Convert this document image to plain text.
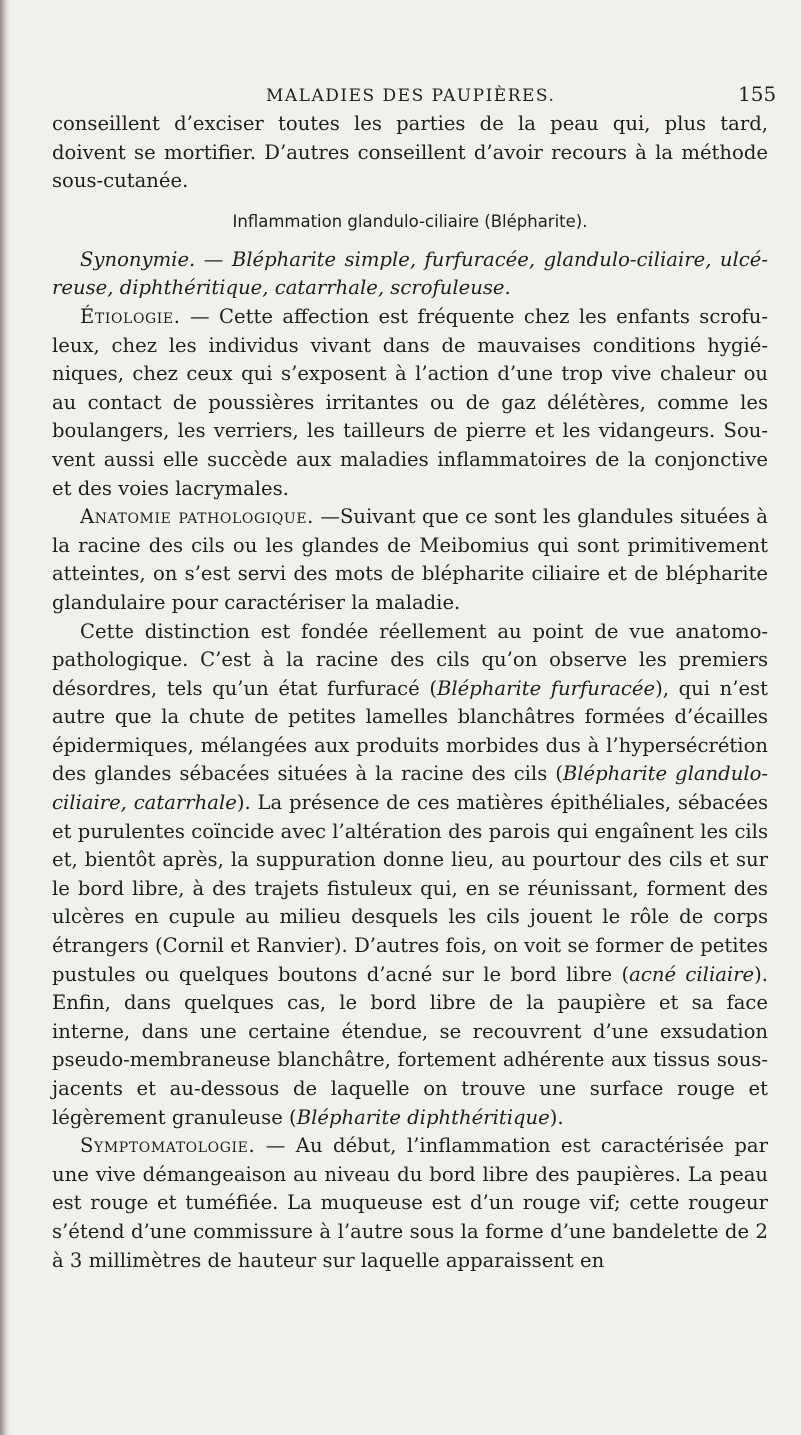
MALADIES DES PAUPIÈRES.	155

conseillent d’exciser toutes les parties de la peau qui, plus tard, doivent se mortifier. D’autres conseillent d’avoir recours à la méthode sous-cutanée.

Inflammation glandulo-ciliaire (Blépharite).

Synonymie. — Blépharite simple, furfuracée, glandulo-ciliaire, ulcéreuse, diphthéritique, catarrhale, scrofuleuse.

Étiologie. — Cette affection est fréquente chez les enfants scrofuleux, chez les individus vivant dans de mauvaises conditions hygiéniques, chez ceux qui s’exposent à l’action d’une trop vive chaleur ou au contact de poussières irritantes ou de gaz délétères, comme les boulangers, les verriers, les tailleurs de pierre et les vidangeurs. Souvent aussi elle succède aux maladies inflammatoires de la conjonctive et des voies lacrymales.

Anatomie pathologique. —Suivant que ce sont les glandules situées à la racine des cils ou les glandes de Meibomius qui sont primitivement atteintes, on s’est servi des mots de blépharite ciliaire et de blépharite glandulaire pour caractériser la maladie.

Cette distinction est fondée réellement au point de vue anatomo-pathologique. C’est à la racine des cils qu’on observe les premiers désordres, tels qu’un état furfuracé (Blépharite furfuracée), qui n’est autre que la chute de petites lamelles blanchâtres formées d’écailles épidermiques, mélangées aux produits morbides dus à l’hypersécrétion des glandes sébacées situées à la racine des cils (Blépharite glandulo-ciliaire, catarrhale). La présence de ces matières épithéliales, sébacées et purulentes coïncide avec l’altération des parois qui engaînent les cils et, bientôt après, la suppuration donne lieu, au pourtour des cils et sur le bord libre, à des trajets fistuleux qui, en se réunissant, forment des ulcères en cupule au milieu desquels les cils jouent le rôle de corps étrangers (Cornil et Ranvier). D’autres fois, on voit se former de petites pustules ou quelques boutons d’acné sur le bord libre (acné ciliaire). Enfin, dans quelques cas, le bord libre de la paupière et sa face interne, dans une certaine étendue, se recouvrent d’une exsudation pseudo-membraneuse blanchâtre, fortement adhérente aux tissus sous-jacents et au-dessous de laquelle on trouve une surface rouge et légèrement granuleuse (Blépharite diphthéritique).

Symptomatologie. — Au début, l’inflammation est caractérisée par une vive démangeaison au niveau du bord libre des paupières. La peau est rouge et tuméfiée. La muqueuse est d’un rouge vif; cette rougeur s’étend d’une commissure à l’autre sous la forme d’une bandelette de 2 à 3 millimètres de hauteur sur laquelle apparaissent en
